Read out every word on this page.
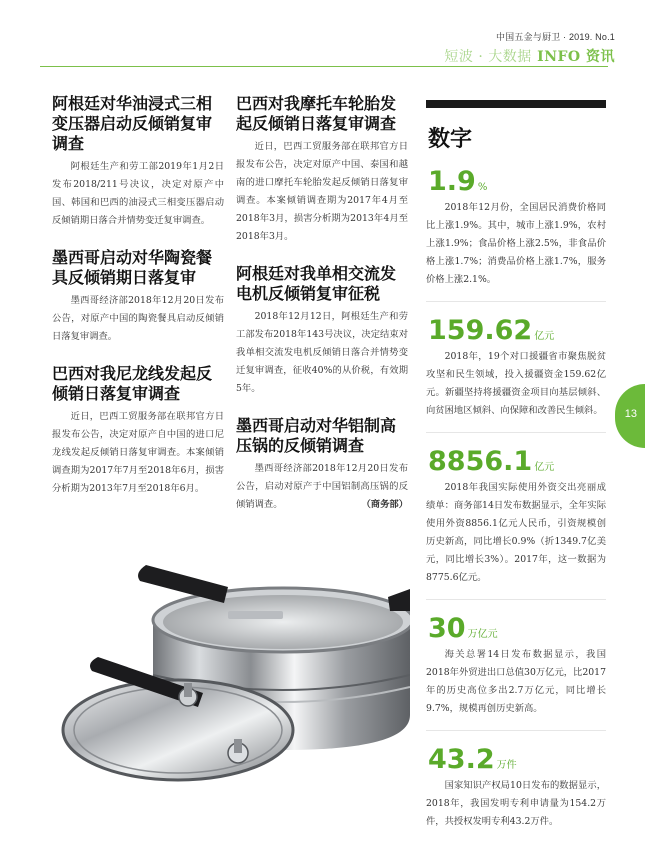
中国五金与厨卫 · 2019. No.1
短波 · 大数据 INFO 资讯
阿根廷对华油浸式三相变压器启动反倾销复审调查

阿根廷生产和劳工部2019年1月2日发布2018/211号决议，决定对原产中国、韩国和巴西的油浸式三相变压器启动反倾销期日落合并情势变迁复审调查。

墨西哥启动对华陶瓷餐具反倾销期日落复审

墨西哥经济部2018年12月20日发布公告，对原产中国的陶瓷餐具启动反倾销日落复审调查。

巴西对我尼龙线发起反倾销日落复审调查

近日，巴西工贸服务部在联邦官方日报发布公告，决定对原产自中国的进口尼龙线发起反倾销日落复审调查。本案倾销调查期为2017年7月至2018年6月，损害分析期为2013年7月至2018年6月。

巴西对我摩托车轮胎发起反倾销日落复审调查

近日，巴西工贸服务部在联邦官方日报发布公告，决定对原产中国、泰国和越南的进口摩托车轮胎发起反倾销日落复审调查。本案倾销调查期为2017年4月至2018年3月，损害分析期为2013年4月至2018年3月。

阿根廷对我单相交流发电机反倾销复审征税

2018年12月12日，阿根廷生产和劳工部发布2018年143号决议，决定结束对我单相交流发电机反倾销日落合并情势变迁复审调查，征收40%的从价税，有效期5年。

墨西哥启动对华铝制高压锅的反倾销调查

墨西哥经济部2018年12月20日发布公告，启动对原产于中国铝制高压锅的反倾销调查。	（商务部）

数字
1.9 %

2018年12月份，全国居民消费价格同比上涨1.9%。其中，城市上涨1.9%，农村上涨1.9%；食品价格上涨2.5%，非食品价格上涨1.7%；消费品价格上涨1.7%，服务价格上涨2.1%。

159.62 亿元

2018年，19个对口援疆省市聚焦脱贫攻坚和民生领域，投入援疆资金159.62亿元。新疆坚持将援疆资金项目向基层倾斜、向贫困地区倾斜、向保障和改善民生倾斜。

8856.1 亿元

2018年我国实际使用外资交出亮丽成绩单：商务部14日发布数据显示，全年实际使用外资8856.1亿元人民币，引资规模创历史新高，同比增长0.9%（折1349.7亿美元，同比增长3%）。2017年，这一数据为8775.6亿元。

30 万亿元

海关总署14日发布数据显示，我国2018年外贸进出口总值30万亿元，比2017年的历史高位多出2.7万亿元，同比增长9.7%，规模再创历史新高。

43.2 万件

国家知识产权局10日发布的数据显示，2018年，我国发明专利申请量为154.2万件，共授权发明专利43.2万件。

13
